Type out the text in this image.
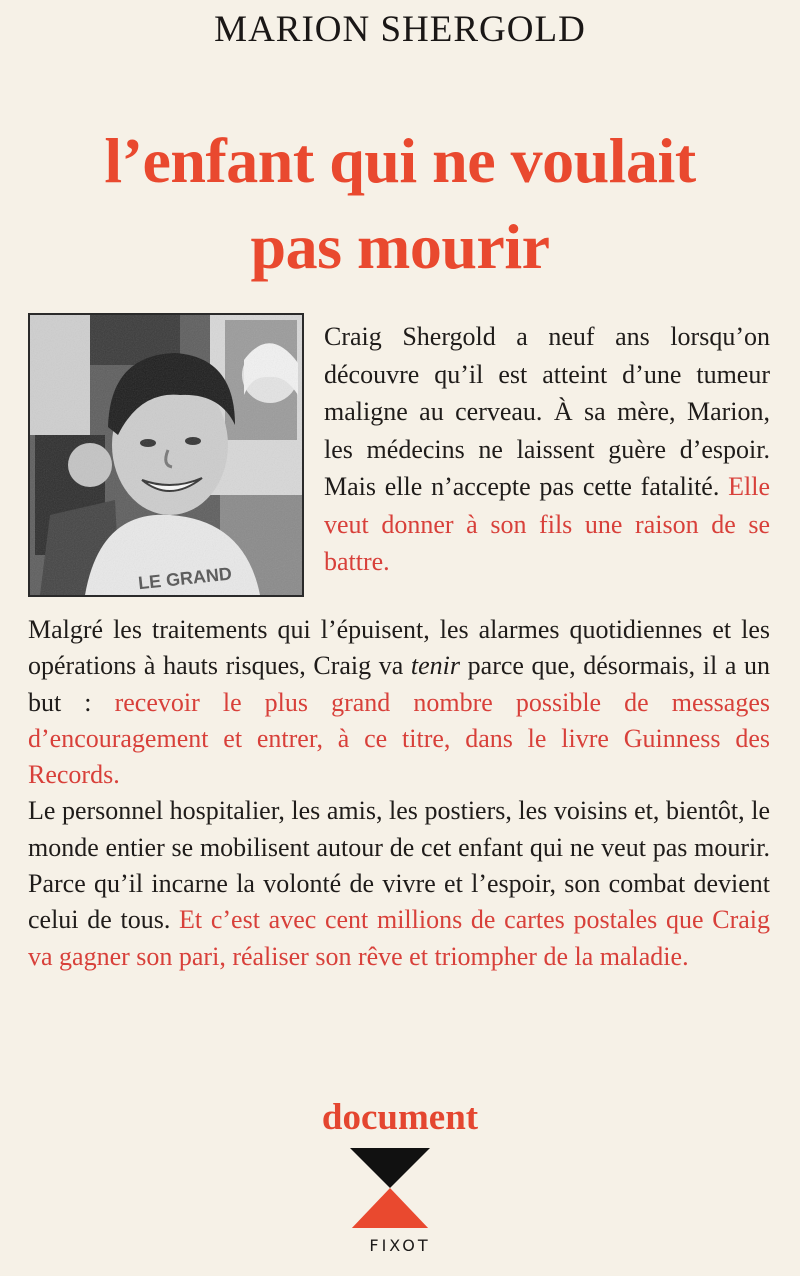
MARION SHERGOLD
l’enfant qui ne voulait
pas mourir
Craig Shergold a neuf ans lorsqu’on découvre qu’il est atteint d’une tumeur maligne au cerveau. À sa mère, Marion, les médecins ne laissent guère d’espoir. Mais elle n’accepte pas cette fatalité. Elle veut donner à son fils une raison de se battre.

Malgré les traitements qui l’épuisent, les alarmes quotidiennes et les opérations à hauts risques, Craig va tenir parce que, désormais, il a un but : recevoir le plus grand nombre possible de messages d’encouragement et entrer, à ce titre, dans le livre Guinness des Records.

Le personnel hospitalier, les amis, les postiers, les voisins et, bientôt, le monde entier se mobilisent autour de cet enfant qui ne veut pas mourir. Parce qu’il incarne la volonté de vivre et l’espoir, son combat devient celui de tous. Et c’est avec cent millions de cartes postales que Craig va gagner son pari, réaliser son rêve et triompher de la maladie.

document
FIXOT
